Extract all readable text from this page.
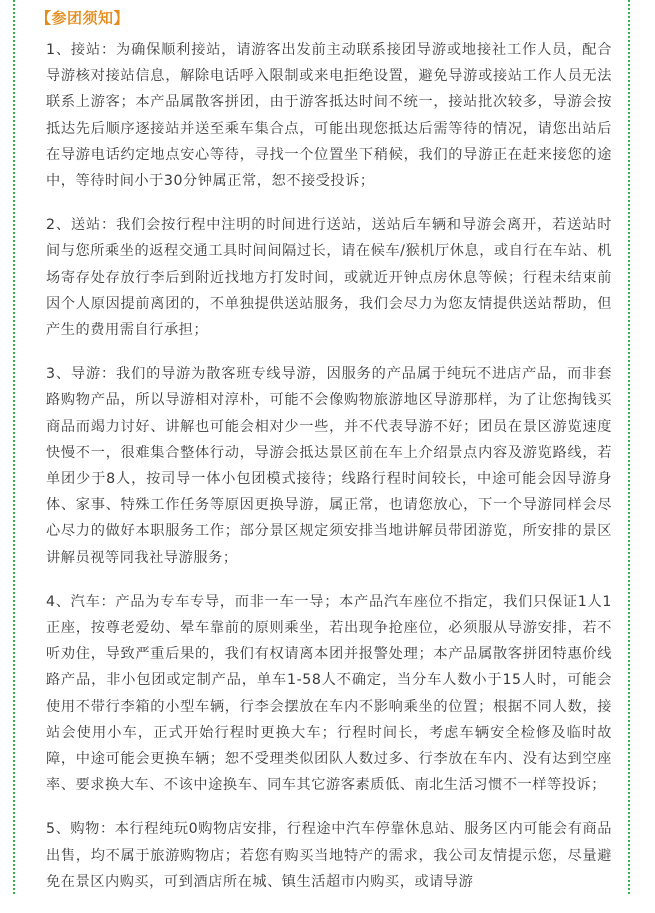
【参团须知】

1、接站：为确保顺利接站，请游客出发前主动联系接团导游或地接社工作人员，配合导游核对接站信息，解除电话呼入限制或来电拒绝设置，避免导游或接站工作人员无法联系上游客；本产品属散客拼团，由于游客抵达时间不统一，接站批次较多，导游会按抵达先后顺序逐接站并送至乘车集合点，可能出现您抵达后需等待的情况，请您出站后在导游电话约定地点安心等待，寻找一个位置坐下稍候，我们的导游正在赶来接您的途中，等待时间小于30分钟属正常，恕不接受投诉；

2、送站：我们会按行程中注明的时间进行送站，送站后车辆和导游会离开，若送站时间与您所乘坐的返程交通工具时间间隔过长，请在候车/猴机厅休息，或自行在车站、机场寄存处存放行李后到附近找地方打发时间，或就近开钟点房休息等候；行程未结束前因个人原因提前离团的，不单独提供送站服务，我们会尽力为您友情提供送站帮助，但产生的费用需自行承担；

3、导游：我们的导游为散客班专线导游，因服务的产品属于纯玩不进店产品，而非套路购物产品，所以导游相对淳朴，可能不会像购物旅游地区导游那样，为了让您掏钱买商品而竭力讨好、讲解也可能会相对少一些，并不代表导游不好；团员在景区游览速度快慢不一，很难集合整体行动，导游会抵达景区前在车上介绍景点内容及游览路线，若单团少于8人，按司导一体小包团模式接待；线路行程时间较长，中途可能会因导游身体、家事、特殊工作任务等原因更换导游，属正常，也请您放心，下一个导游同样会尽心尽力的做好本职服务工作；部分景区规定须安排当地讲解员带团游览，所安排的景区讲解员视等同我社导游服务；

4、汽车：产品为专车专导，而非一车一导；本产品汽车座位不指定，我们只保证1人1正座，按尊老爱幼、晕车靠前的原则乘坐，若出现争抢座位，必须服从导游安排，若不听劝住，导致严重后果的，我们有权请离本团并报警处理；本产品属散客拼团特惠价线路产品，非小包团或定制产品，单车1-58人不确定，当分车人数小于15人时，可能会使用不带行李箱的小型车辆，行李会摆放在车内不影响乘坐的位置；根据不同人数，接站会使用小车，正式开始行程时更换大车；行程时间长，考虑车辆安全检修及临时故障，中途可能会更换车辆；恕不受理类似团队人数过多、行李放在车内、没有达到空座率、要求换大车、不该中途换车、同车其它游客素质低、南北生活习惯不一样等投诉；

5、购物：本行程纯玩0购物店安排，行程途中汽车停靠休息站、服务区内可能会有商品出售，均不属于旅游购物店；若您有购买当地特产的需求，我公司友情提示您，尽量避免在景区内购买，可到酒店所在城、镇生活超市内购买，或请导游
